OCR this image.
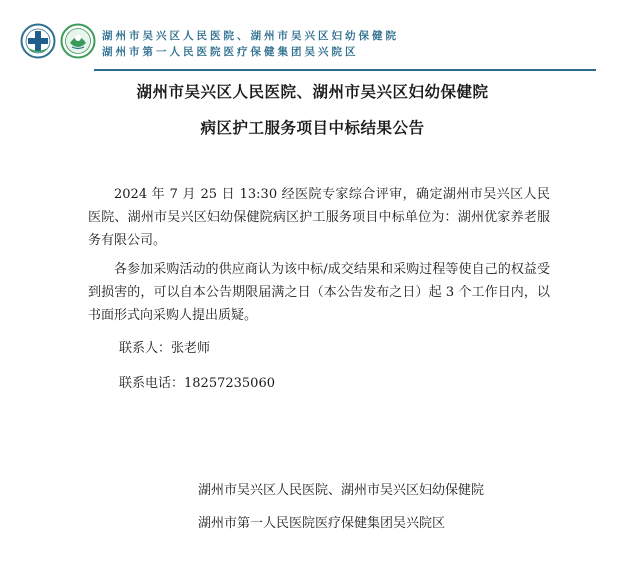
湖州市吴兴区人民医院、湖州市吴兴区妇幼保健院
湖州市第一人民医院医疗保健集团吴兴院区
湖州市吴兴区人民医院、湖州市吴兴区妇幼保健院
病区护工服务项目中标结果公告
2024 年 7 月 25 日 13:30 经医院专家综合评审，确定湖州市吴兴区人民医院、湖州市吴兴区妇幼保健院病区护工服务项目中标单位为：湖州优家养老服务有限公司。
各参加采购活动的供应商认为该中标/成交结果和采购过程等使自己的权益受到损害的，可以自本公告期限届满之日（本公告发布之日）起 3 个工作日内，以书面形式向采购人提出质疑。
联系人：张老师
联系电话：18257235060
湖州市吴兴区人民医院、湖州市吴兴区妇幼保健院
湖州市第一人民医院医疗保健集团吴兴院区
